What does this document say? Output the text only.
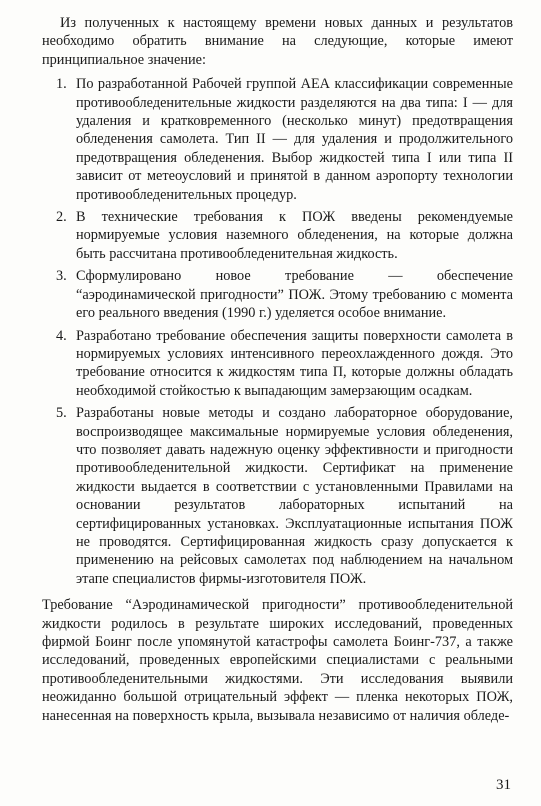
Из полученных к настоящему времени новых данных и результатов необходимо обратить внимание на следующие, которые имеют принципиальное значение:

1. По разработанной Рабочей группой АЕА классификации современные противообледенительные жидкости разделяются на два типа: I — для удаления и кратковременного (несколько минут) предотвращения обледенения самолета. Тип II — для удаления и продолжительного предотвращения обледенения. Выбор жидкостей типа I или типа II зависит от метеоусловий и принятой в данном аэропорту технологии противообледенительных процедур.
2. В технические требования к ПОЖ введены рекомендуемые нормируемые условия наземного обледенения, на которые должна быть рассчитана противообледенительная жидкость.
3. Сформулировано новое требование — обеспечение “аэродинамической пригодности” ПОЖ. Этому требованию с момента его реального введения (1990 г.) уделяется особое внимание.
4. Разработано требование обеспечения защиты поверхности самолета в нормируемых условиях интенсивного переохлажденного дождя. Это требование относится к жидкостям типа П, которые должны обладать необходимой стойкостью к выпадающим замерзающим осадкам.
5. Разработаны новые методы и создано лабораторное оборудование, воспроизводящее максимальные нормируемые условия обледенения, что позволяет давать надежную оценку эффективности и пригодности противообледенительной жидкости. Сертификат на применение жидкости выдается в соответствии с установленными Правилами на основании результатов лабораторных испытаний на сертифицированных установках. Эксплуатационные испытания ПОЖ не проводятся. Сертифицированная жидкость сразу допускается к применению на рейсовых самолетах под наблюдением на начальном этапе специалистов фирмы-изготовителя ПОЖ.

Требование “Аэродинамической пригодности” противообледенительной жидкости родилось в результате широких исследований, проведенных фирмой Боинг после упомянутой катастрофы самолета Боинг-737, а также исследований, проведенных европейскими специалистами с реальными противообледенительными жидкостями. Эти исследования выявили неожиданно большой отрицательный эффект — пленка некоторых ПОЖ, нанесенная на поверхность крыла, вызывала независимо от наличия обледе-

31
